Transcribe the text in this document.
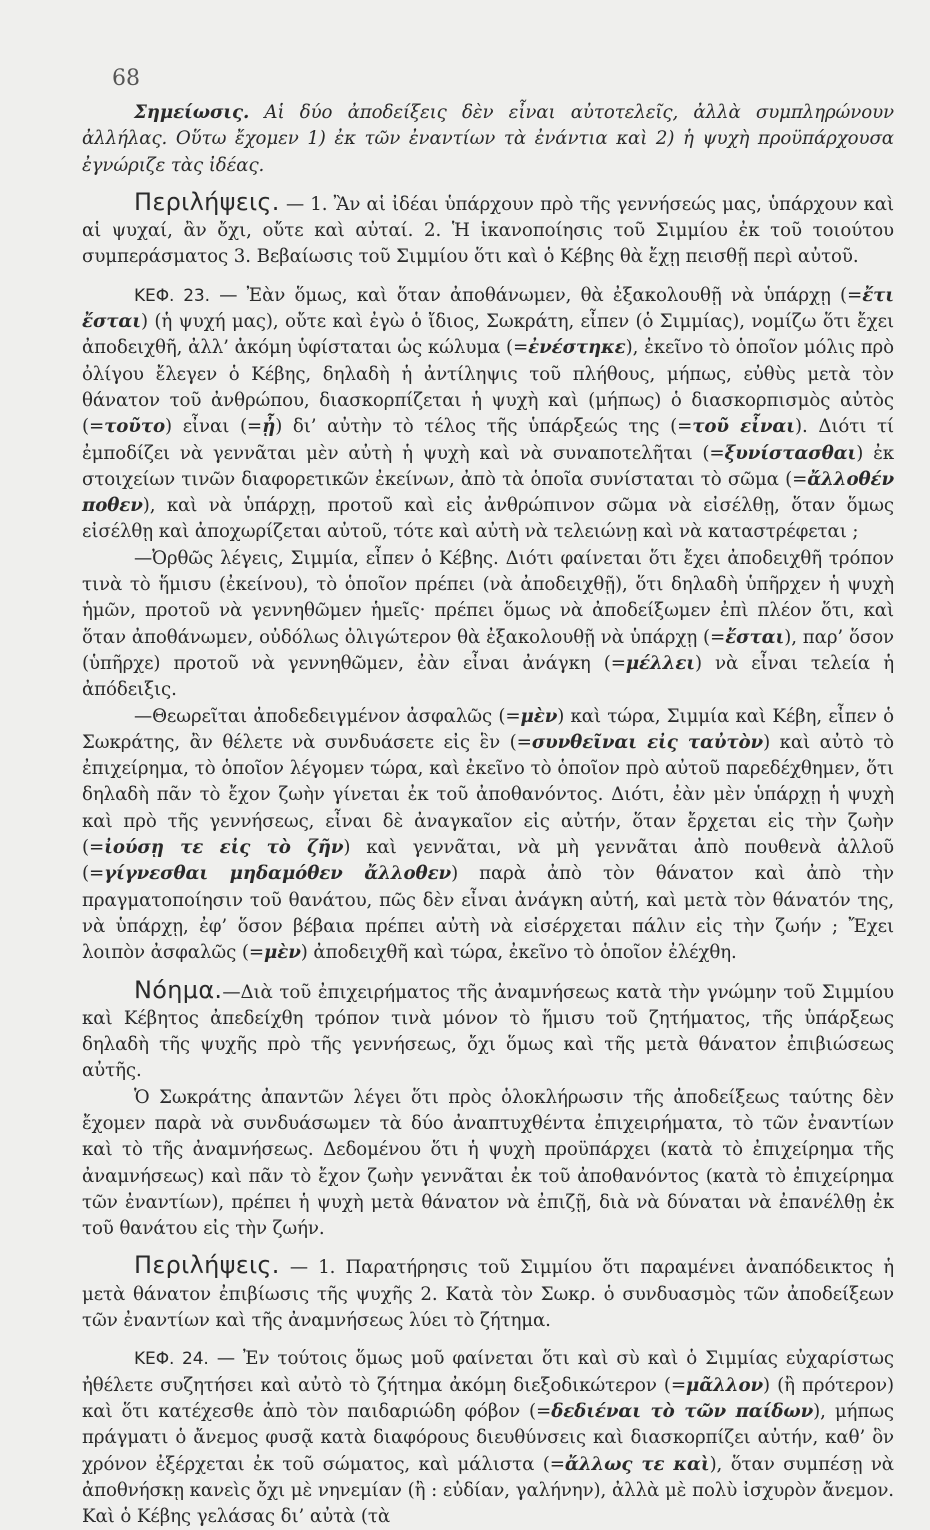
68

Σημείωσις. Αἱ δύο ἀποδείξεις δὲν εἶναι αὐτοτελεῖς, ἀλλὰ συμπληρώνουν ἀλλήλας. Οὕτω ἔχομεν 1) ἐκ τῶν ἐναντίων τὰ ἐνάντια καὶ 2) ἡ ψυχὴ προϋπάρχουσα ἐγνώριζε τὰς ἰδέας.

Περιλήψεις. — 1. Ἂν αἱ ἰδέαι ὑπάρχουν πρὸ τῆς γεννήσεώς μας, ὑπάρχουν καὶ αἱ ψυχαί, ἂν ὄχι, οὔτε καὶ αὐταί. 2. Ἡ ἱκανοποίησις τοῦ Σιμμίου ἐκ τοῦ τοιούτου συμπεράσματος 3. Βεβαίωσις τοῦ Σιμμίου ὅτι καὶ ὁ Κέβης θὰ ἔχῃ πεισθῇ περὶ αὐτοῦ.

ΚΕΦ. 23. — Ἐὰν ὅμως, καὶ ὅταν ἀποθάνωμεν, θὰ ἐξακολουθῇ νὰ ὑπάρχῃ (=ἔτι ἔσται) (ἡ ψυχή μας), οὔτε καὶ ἐγὼ ὁ ἴδιος, Σωκράτη, εἶπεν (ὁ Σιμμίας), νομίζω ὅτι ἔχει ἀποδειχθῆ, ἀλλ’ ἀκόμη ὑφίσταται ὡς κώλυμα (=ἐνέστηκε), ἐκεῖνο τὸ ὁποῖον μόλις πρὸ ὀλίγου ἔλεγεν ὁ Κέβης, δηλαδὴ ἡ ἀντίληψις τοῦ πλήθους, μήπως, εὐθὺς μετὰ τὸν θάνατον τοῦ ἀνθρώπου, διασκορπίζεται ἡ ψυχὴ καὶ (μήπως) ὁ διασκορπισμὸς αὐτὸς (=τοῦτο) εἶναι (=ᾖ) δι’ αὐτὴν τὸ τέλος τῆς ὑπάρξεώς της (=τοῦ εἶναι). Διότι τί ἐμποδίζει νὰ γεννᾶται μὲν αὐτὴ ἡ ψυχὴ καὶ νὰ συναποτελῆται (=ξυνίστασθαι) ἐκ στοιχείων τινῶν διαφορετικῶν ἐκείνων, ἀπὸ τὰ ὁποῖα συνίσταται τὸ σῶμα (=ἄλλοθέν ποθεν), καὶ νὰ ὑπάρχῃ, προτοῦ καὶ εἰς ἀνθρώπινον σῶμα νὰ εἰσέλθῃ, ὅταν ὅμως εἰσέλθῃ καὶ ἀποχωρίζεται αὐτοῦ, τότε καὶ αὐτὴ νὰ τελειώνῃ καὶ νὰ καταστρέφεται ;

—Ὀρθῶς λέγεις, Σιμμία, εἶπεν ὁ Κέβης. Διότι φαίνεται ὅτι ἔχει ἀποδειχθῆ τρόπον τινὰ τὸ ἥμισυ (ἐκείνου), τὸ ὁποῖον πρέπει (νὰ ἀποδειχθῇ), ὅτι δηλαδὴ ὑπῆρχεν ἡ ψυχὴ ἡμῶν, προτοῦ νὰ γεννηθῶμεν ἡμεῖς· πρέπει ὅμως νὰ ἀποδείξωμεν ἐπὶ πλέον ὅτι, καὶ ὅταν ἀποθάνωμεν, οὐδόλως ὀλιγώτερον θὰ ἐξακολουθῇ νὰ ὑπάρχῃ (=ἔσται), παρ’ ὅσον (ὑπῆρχε) προτοῦ νὰ γεννηθῶμεν, ἐὰν εἶναι ἀνάγκη (=μέλλει) νὰ εἶναι τελεία ἡ ἀπόδειξις.

—Θεωρεῖται ἀποδεδειγμένον ἀσφαλῶς (=μὲν) καὶ τώρα, Σιμμία καὶ Κέβη, εἶπεν ὁ Σωκράτης, ἂν θέλετε νὰ συνδυάσετε εἰς ἓν (=συνθεῖναι εἰς ταὐτὸν) καὶ αὐτὸ τὸ ἐπιχείρημα, τὸ ὁποῖον λέγομεν τώρα, καὶ ἐκεῖνο τὸ ὁποῖον πρὸ αὐτοῦ παρεδέχθημεν, ὅτι δηλαδὴ πᾶν τὸ ἔχον ζωὴν γίνεται ἐκ τοῦ ἀποθανόντος. Διότι, ἐὰν μὲν ὑπάρχῃ ἡ ψυχὴ καὶ πρὸ τῆς γεννήσεως, εἶναι δὲ ἀναγκαῖον εἰς αὐτήν, ὅταν ἔρχεται εἰς τὴν ζωὴν (=ἰούσῃ τε εἰς τὸ ζῆν) καὶ γεννᾶται, νὰ μὴ γεννᾶται ἀπὸ πουθενὰ ἀλλοῦ (=γίγνεσθαι μηδαμόθεν ἄλλοθεν) παρὰ ἀπὸ τὸν θάνατον καὶ ἀπὸ τὴν πραγματοποίησιν τοῦ θανάτου, πῶς δὲν εἶναι ἀνάγκη αὐτή, καὶ μετὰ τὸν θάνατόν της, νὰ ὑπάρχῃ, ἐφ’ ὅσον βέβαια πρέπει αὐτὴ νὰ εἰσέρχεται πάλιν εἰς τὴν ζωήν ; Ἔχει λοιπὸν ἀσφαλῶς (=μὲν) ἀποδειχθῆ καὶ τώρα, ἐκεῖνο τὸ ὁποῖον ἐλέχθη.

Νόημα.—Διὰ τοῦ ἐπιχειρήματος τῆς ἀναμνήσεως κατὰ τὴν γνώμην τοῦ Σιμμίου καὶ Κέβητος ἀπεδείχθη τρόπον τινὰ μόνον τὸ ἥμισυ τοῦ ζητήματος, τῆς ὑπάρξεως δηλαδὴ τῆς ψυχῆς πρὸ τῆς γεννήσεως, ὄχι ὅμως καὶ τῆς μετὰ θάνατον ἐπιβιώσεως αὐτῆς.

Ὁ Σωκράτης ἀπαντῶν λέγει ὅτι πρὸς ὁλοκλήρωσιν τῆς ἀποδείξεως ταύτης δὲν ἔχομεν παρὰ νὰ συνδυάσωμεν τὰ δύο ἀναπτυχθέντα ἐπιχειρήματα, τὸ τῶν ἐναντίων καὶ τὸ τῆς ἀναμνήσεως. Δεδομένου ὅτι ἡ ψυχὴ προϋπάρχει (κατὰ τὸ ἐπιχείρημα τῆς ἀναμνήσεως) καὶ πᾶν τὸ ἔχον ζωὴν γεννᾶται ἐκ τοῦ ἀποθανόντος (κατὰ τὸ ἐπιχείρημα τῶν ἐναντίων), πρέπει ἡ ψυχὴ μετὰ θάνατον νὰ ἐπιζῇ, διὰ νὰ δύναται νὰ ἐπανέλθῃ ἐκ τοῦ θανάτου εἰς τὴν ζωήν.

Περιλήψεις. — 1. Παρατήρησις τοῦ Σιμμίου ὅτι παραμένει ἀναπόδεικτος ἡ μετὰ θάνατον ἐπιβίωσις τῆς ψυχῆς 2. Κατὰ τὸν Σωκρ. ὁ συνδυασμὸς τῶν ἀποδείξεων τῶν ἐναντίων καὶ τῆς ἀναμνήσεως λύει τὸ ζήτημα.

ΚΕΦ. 24. — Ἐν τούτοις ὅμως μοῦ φαίνεται ὅτι καὶ σὺ καὶ ὁ Σιμμίας εὐχαρίστως ἠθέλετε συζητήσει καὶ αὐτὸ τὸ ζήτημα ἀκόμη διεξοδικώτερον (=μᾶλλον) (ἢ πρότερον) καὶ ὅτι κατέχεσθε ἀπὸ τὸν παιδαριώδη φόβον (=δεδιέναι τὸ τῶν παίδων), μήπως πράγματι ὁ ἄνεμος φυσᾷ κατὰ διαφόρους διευθύνσεις καὶ διασκορπίζει αὐτήν, καθ’ ὃν χρόνον ἐξέρχεται ἐκ τοῦ σώματος, καὶ μάλιστα (=ἄλλως τε καὶ), ὅταν συμπέσῃ νὰ ἀποθνήσκῃ κανεὶς ὄχι μὲ νηνεμίαν (ἢ : εὐδίαν, γαλήνην), ἀλλὰ μὲ πολὺ ἰσχυρὸν ἄνεμον. Καὶ ὁ Κέβης γελάσας δι’ αὐτὰ (τὰ
